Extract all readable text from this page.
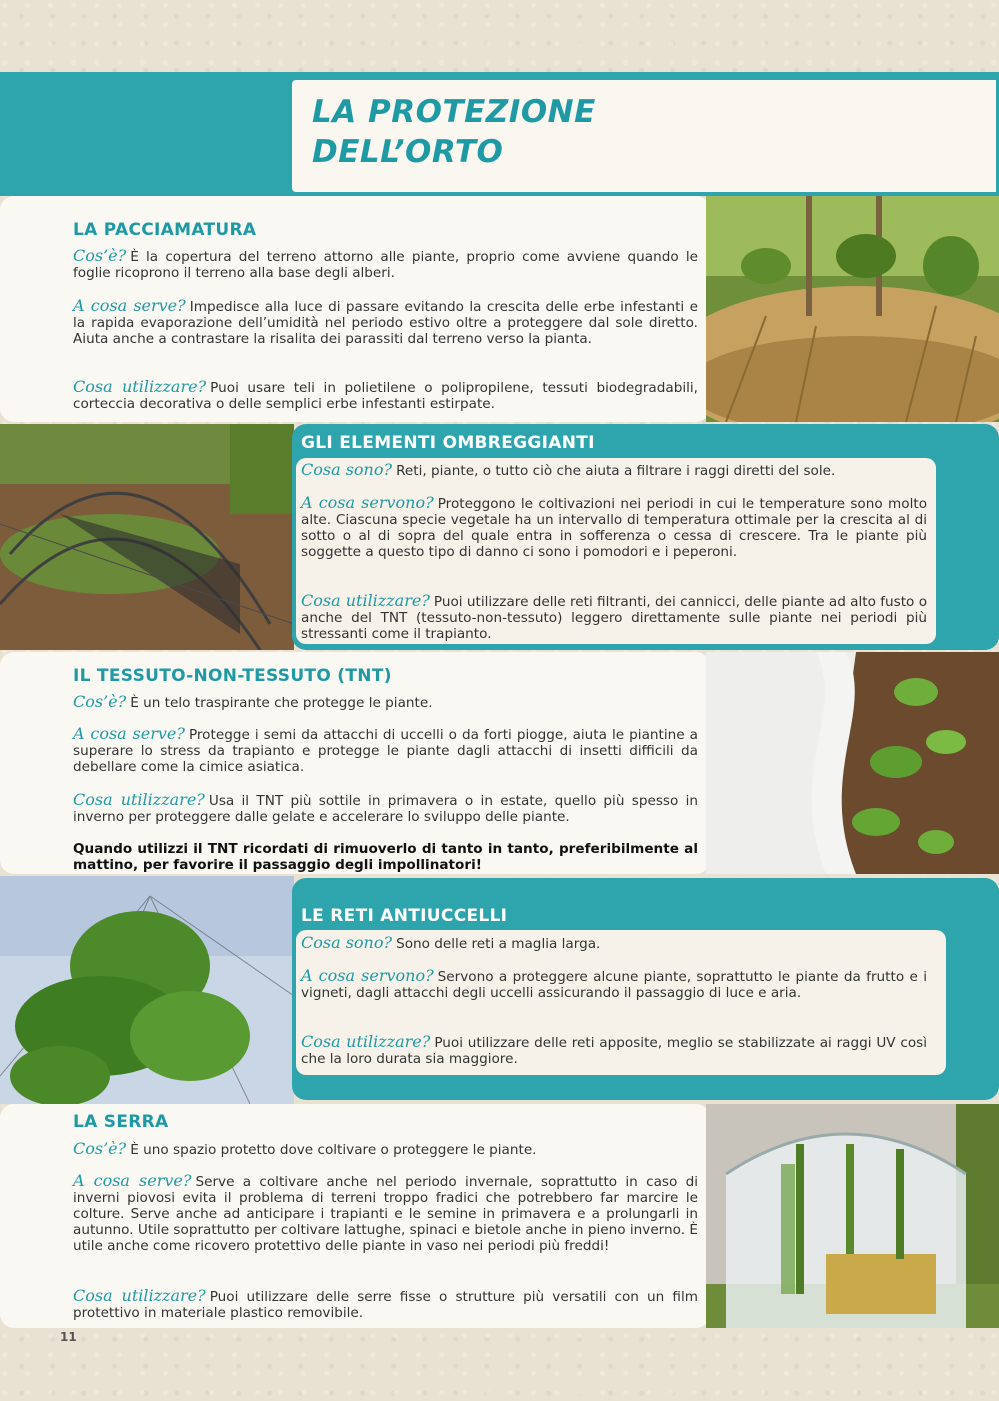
LA PROTEZIONE
DELL’ORTO
LA PACCIAMATURA

Cos’è? È la copertura del terreno attorno alle piante, proprio come avviene quando le foglie ricoprono il terreno alla base degli alberi.

A cosa serve? Impedisce alla luce di passare evitando la crescita delle erbe infestanti e la rapida evaporazione dell’umidità nel periodo estivo oltre a proteggere dal sole diretto. Aiuta anche a contrastare la risalita dei parassiti dal terreno verso la pianta.

Cosa utilizzare? Puoi usare teli in polietilene o polipropilene, tessuti biodegradabili, corteccia decorativa o delle semplici erbe infestanti estirpate.

GLI ELEMENTI OMBREGGIANTI

Cosa sono? Reti, piante, o tutto ciò che aiuta a filtrare i raggi diretti del sole.

A cosa servono? Proteggono le coltivazioni nei periodi in cui le temperature sono molto alte. Ciascuna specie vegetale ha un intervallo di temperatura ottimale per la crescita al di sotto o al di sopra del quale entra in sofferenza o cessa di crescere. Tra le piante più soggette a questo tipo di danno ci sono i pomodori e i peperoni.

Cosa utilizzare? Puoi utilizzare delle reti filtranti, dei cannicci, delle piante ad alto fusto o anche del TNT (tessuto-non-tessuto) leggero direttamente sulle piante nei periodi più stressanti come il trapianto.

IL TESSUTO-NON-TESSUTO (TNT)

Cos’è? È un telo traspirante che protegge le piante.

A cosa serve? Protegge i semi da attacchi di uccelli o da forti piogge, aiuta le piantine a superare lo stress da trapianto e protegge le piante dagli attacchi di insetti difficili da debellare come la cimice asiatica.

Cosa utilizzare? Usa il TNT più sottile in primavera o in estate, quello più spesso in inverno per proteggere dalle gelate e accelerare lo sviluppo delle piante.

Quando utilizzi il TNT ricordati di rimuoverlo di tanto in tanto, preferibilmente al mattino, per favorire il passaggio degli impollinatori!

LE RETI ANTIUCCELLI

Cosa sono? Sono delle reti a maglia larga.

A cosa servono? Servono a proteggere alcune piante, soprattutto le piante da frutto e i vigneti, dagli attacchi degli uccelli assicurando il passaggio di luce e aria.

Cosa utilizzare? Puoi utilizzare delle reti apposite, meglio se stabilizzate ai raggi UV così che la loro durata sia maggiore.

LA SERRA

Cos’è? È uno spazio protetto dove coltivare o proteggere le piante.

A cosa serve? Serve a coltivare anche nel periodo invernale, soprattutto in caso di inverni piovosi evita il problema di terreni troppo fradici che potrebbero far marcire le colture. Serve anche ad anticipare i trapianti e le semine in primavera e a prolungarli in autunno. Utile soprattutto per coltivare lattughe, spinaci e bietole anche in pieno inverno. È utile anche come ricovero protettivo delle piante in vaso nei periodi più freddi!

Cosa utilizzare? Puoi utilizzare delle serre fisse o strutture più versatili con un film protettivo in materiale plastico removibile.

11
